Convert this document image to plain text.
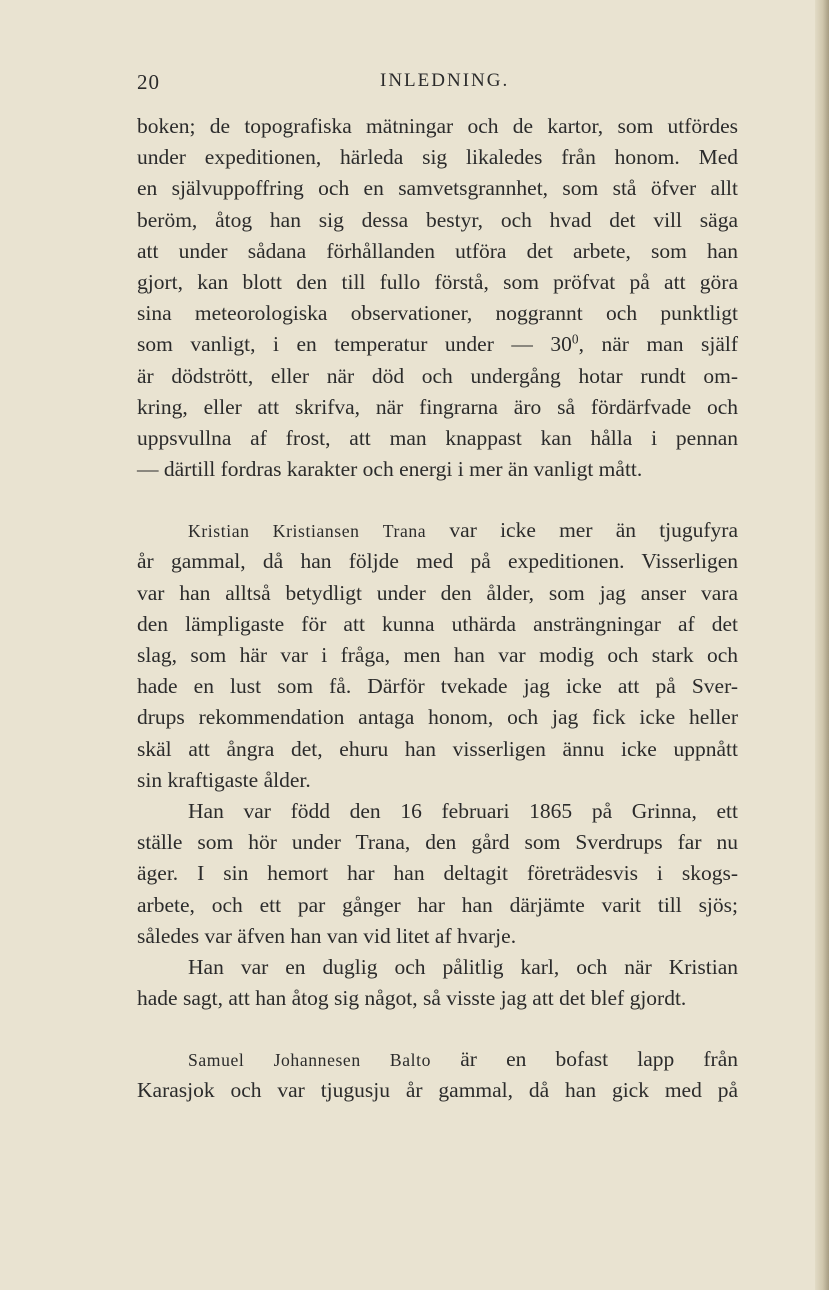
20	INLEDNING.
boken; de topografiska mätningar och de kartor, som utfördes
under expeditionen, härleda sig likaledes från honom. Med
en självuppoffring och en samvetsgrannhet, som stå öfver allt
beröm, åtog han sig dessa bestyr, och hvad det vill säga
att under sådana förhållanden utföra det arbete, som han
gjort, kan blott den till fullo förstå, som pröfvat på att göra
sina meteorologiska observationer, noggrannt och punktligt
som vanligt, i en temperatur under — $30^0$, när man själf
är dödstrött, eller när död och undergång hotar rundt om-
kring, eller att skrifva, när fingrarna äro så fördärfvade och
uppsvullna af frost, att man knappast kan hålla i pennan
— därtill fordras karakter och energi i mer än vanligt mått.
Kristian Kristiansen Trana var icke mer än tjugufyra
år gammal, då han följde med på expeditionen. Visserligen
var han alltså betydligt under den ålder, som jag anser vara
den lämpligaste för att kunna uthärda ansträngningar af det
slag, som här var i fråga, men han var modig och stark och
hade en lust som få. Därför tvekade jag icke att på Sver-
drups rekommendation antaga honom, och jag fick icke heller
skäl att ångra det, ehuru han visserligen ännu icke uppnått
sin kraftigaste ålder.
Han var född den 16 februari 1865 på Grinna, ett
ställe som hör under Trana, den gård som Sverdrups far nu
äger. I sin hemort har han deltagit företrädesvis i skogs-
arbete, och ett par gånger har han därjämte varit till sjös;
således var äfven han van vid litet af hvarje.
Han var en duglig och pålitlig karl, och när Kristian
hade sagt, att han åtog sig något, så visste jag att det blef gjordt.
Samuel Johannesen Balto är en bofast lapp från
Karasjok och var tjugusju år gammal, då han gick med på
